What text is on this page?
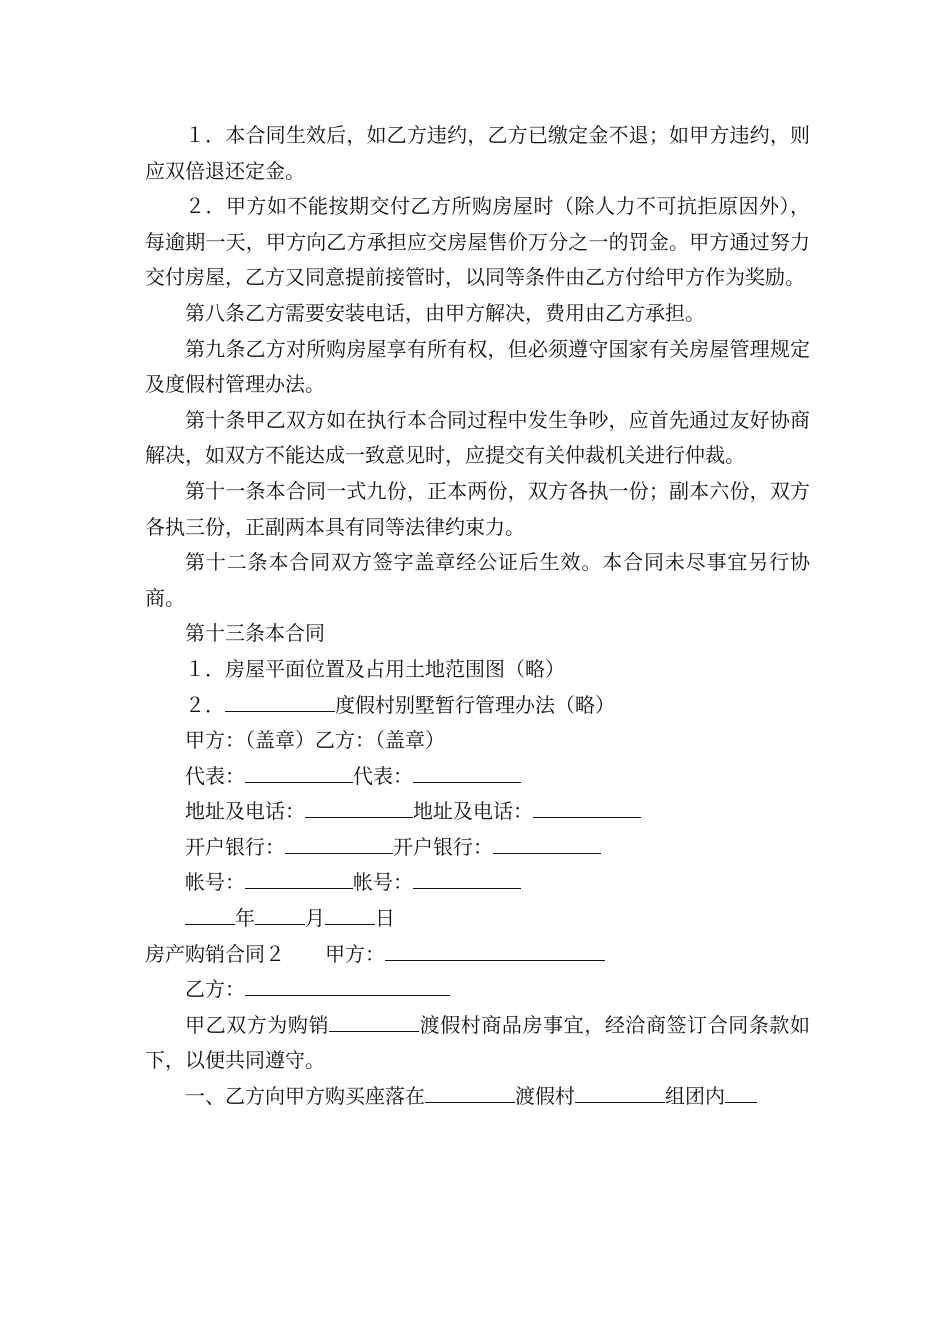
１．本合同生效后，如乙方违约，乙方已缴定金不退；如甲方违约，则应双倍退还定金。

２．甲方如不能按期交付乙方所购房屋时（除人力不可抗拒原因外），每逾期一天，甲方向乙方承担应交房屋售价万分之一的罚金。甲方通过努力交付房屋，乙方又同意提前接管时，以同等条件由乙方付给甲方作为奖励。

第八条乙方需要安装电话，由甲方解决，费用由乙方承担。

第九条乙方对所购房屋享有所有权，但必须遵守国家有关房屋管理规定及度假村管理办法。

第十条甲乙双方如在执行本合同过程中发生争吵，应首先通过友好协商解决，如双方不能达成一致意见时，应提交有关仲裁机关进行仲裁。

第十一条本合同一式九份，正本两份，双方各执一份；副本六份，双方各执三份，正副两本具有同等法律约束力。

第十二条本合同双方签字盖章经公证后生效。本合同未尽事宜另行协商。

第十三条本合同

１．房屋平面位置及占用土地范围图（略）

２．	度假村别墅暂行管理办法（略）

甲方：（盖章）乙方：（盖章）

代表：	代表：

地址及电话：	地址及电话：

开户银行：	开户银行：

帐号：	帐号：

年	月	日

房产购销合同２ 甲方：

乙方：

甲乙双方为购销	渡假村商品房事宜，经洽商签订合同条款如下，以便共同遵守。

一、乙方向甲方购买座落在	渡假村	组团内
